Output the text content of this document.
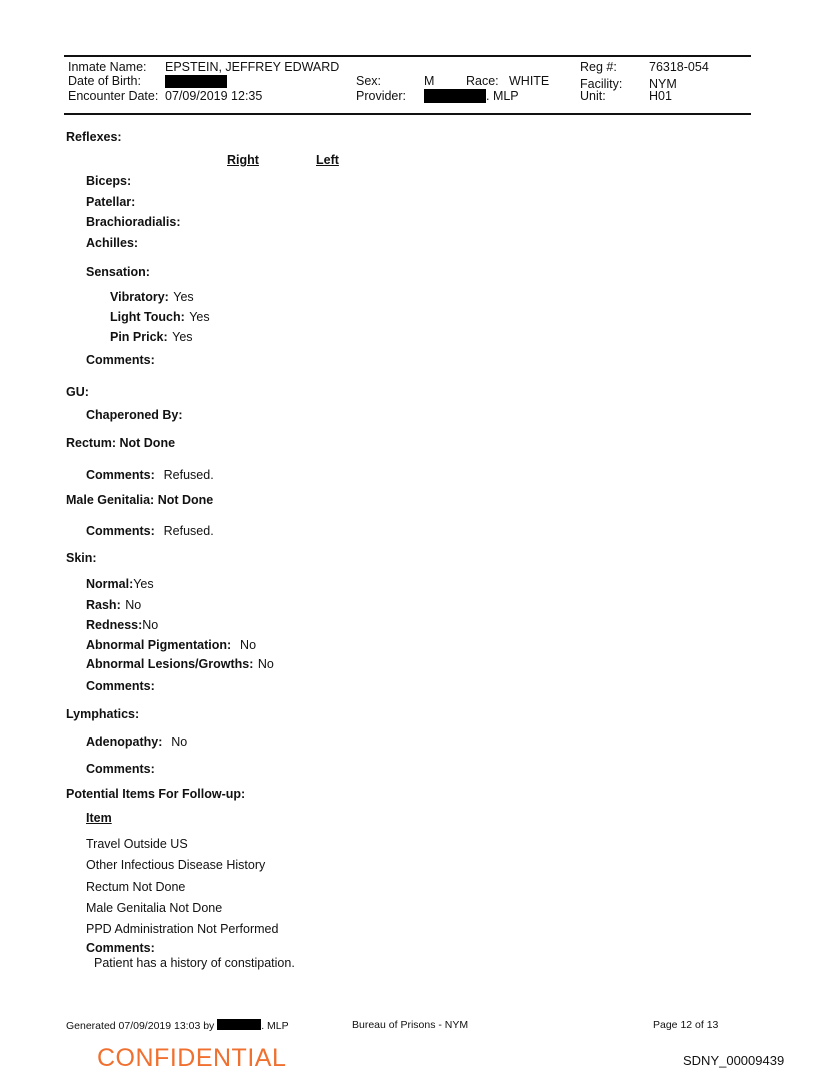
Inmate Name: EPSTEIN, JEFFREY EDWARD
Date of Birth:
Encounter Date: 07/09/2019 12:35
Sex:	M	Race: WHITE
Provider:	. MLP
Reg #:	76318-054
Facility: NYM
Unit:	H01
Reflexes:
Right	Left
Biceps:
Patellar:
Brachioradialis:
Achilles:
Sensation:
Vibratory: Yes
Light Touch: Yes
Pin Prick: Yes
Comments:
GU:
Chaperoned By:
Rectum: Not Done
Comments: Refused.
Male Genitalia: Not Done
Comments: Refused.
Skin:
Normal:Yes
Rash: No
Redness:No
Abnormal Pigmentation: No
Abnormal Lesions/Growths: No
Comments:
Lymphatics:
Adenopathy: No
Comments:
Potential Items For Follow-up:
Item
Travel Outside US
Other Infectious Disease History
Rectum Not Done
Male Genitalia Not Done
PPD Administration Not Performed
Comments:
Patient has a history of constipation.
Generated 07/09/2019 13:03 by	. MLP	Bureau of Prisons - NYM	Page 12 of 13
CONFIDENTIAL	SDNY_00009439
